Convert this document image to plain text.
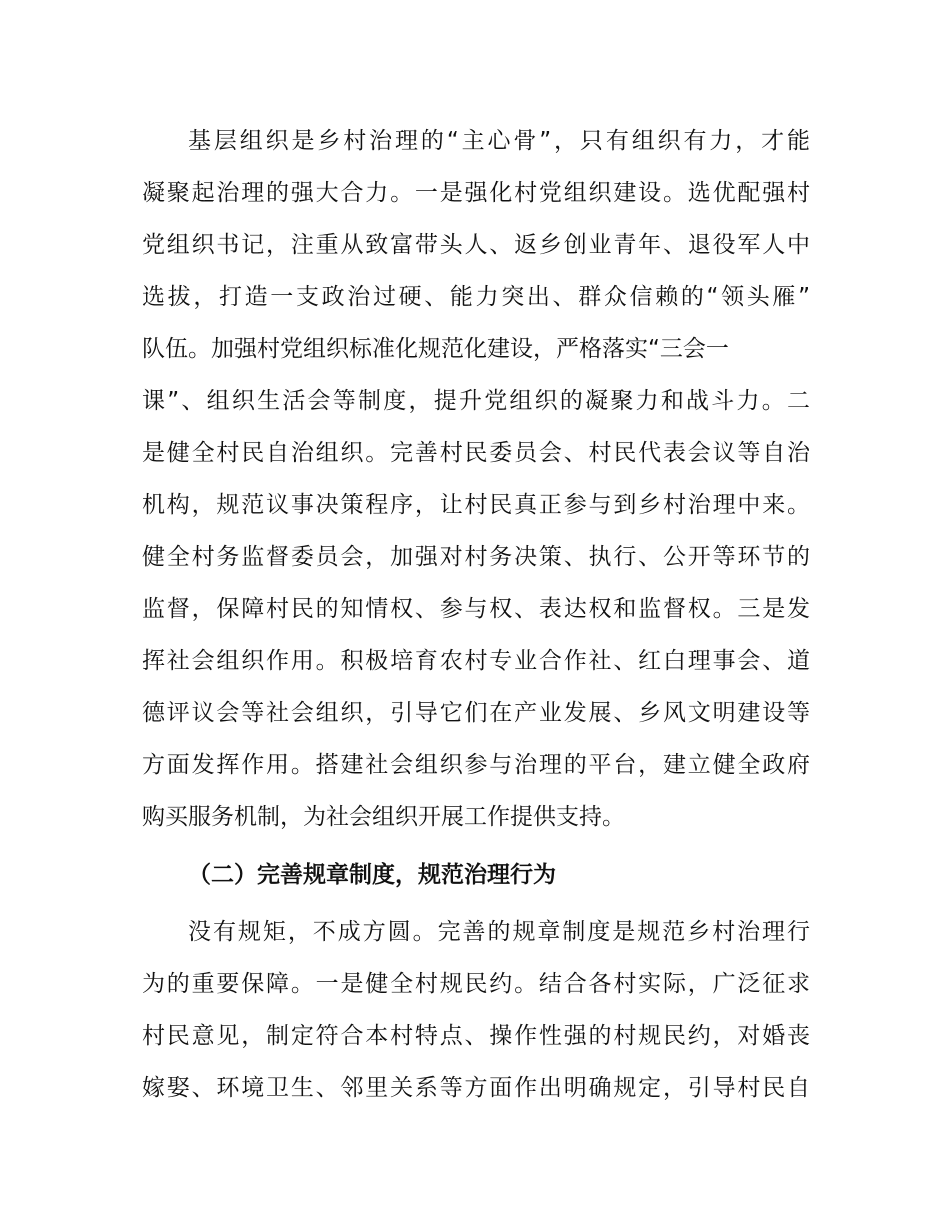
基层组织是乡村治理的“主心骨”，只有组织有力，才能
凝聚起治理的强大合力。一是强化村党组织建设。选优配强村
党组织书记，注重从致富带头人、返乡创业青年、退役军人中
选拔，打造一支政治过硬、能力突出、群众信赖的“领头雁”
队伍。加强村党组织标准化规范化建设，严格落实“三会一
课”、组织生活会等制度，提升党组织的凝聚力和战斗力。二
是健全村民自治组织。完善村民委员会、村民代表会议等自治
机构，规范议事决策程序，让村民真正参与到乡村治理中来。
健全村务监督委员会，加强对村务决策、执行、公开等环节的
监督，保障村民的知情权、参与权、表达权和监督权。三是发
挥社会组织作用。积极培育农村专业合作社、红白理事会、道
德评议会等社会组织，引导它们在产业发展、乡风文明建设等
方面发挥作用。搭建社会组织参与治理的平台，建立健全政府
购买服务机制，为社会组织开展工作提供支持。
（二）完善规章制度，规范治理行为
没有规矩，不成方圆。完善的规章制度是规范乡村治理行
为的重要保障。一是健全村规民约。结合各村实际，广泛征求
村民意见，制定符合本村特点、操作性强的村规民约，对婚丧
嫁娶、环境卫生、邻里关系等方面作出明确规定，引导村民自
